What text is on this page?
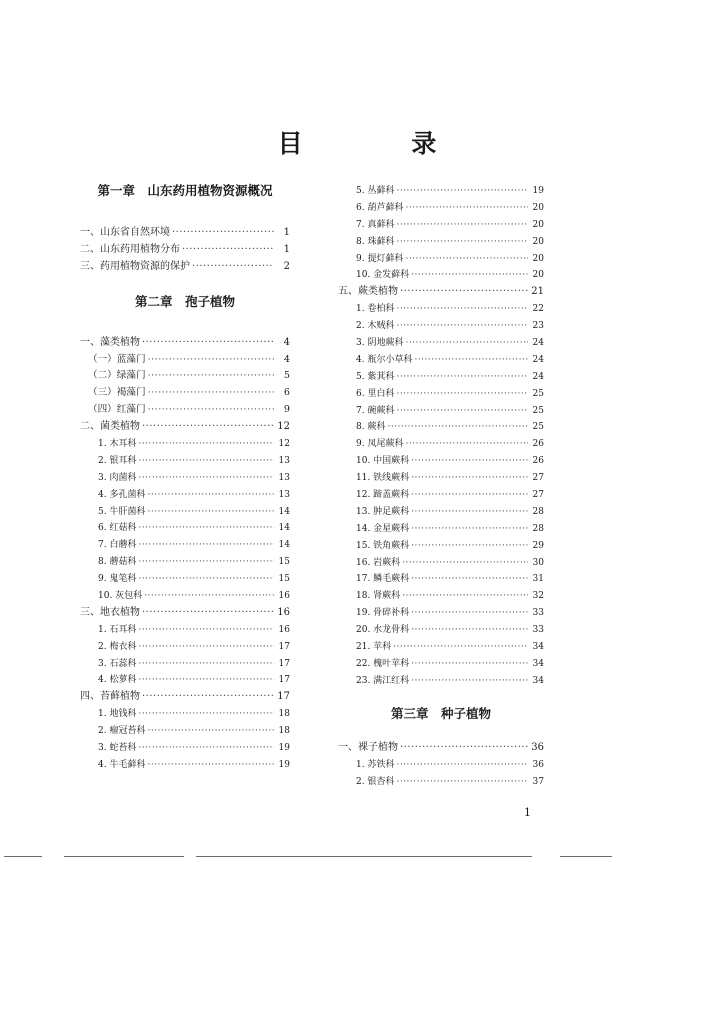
目 录
第一章　山东药用植物资源概况
一、山东省自然环境 ·····	1
二、山东药用植物分布 ·····	1
三、药用植物资源的保护 ·····	2
第二章　孢子植物
一、藻类植物 ·····	4
（一）蓝藻门 ·····	4
（二）绿藻门 ·····	5
（三）褐藻门 ·····	6
（四）红藻门 ·····	9
二、菌类植物 ·····	12
1. 木耳科 ·····	12
2. 银耳科 ·····	13
3. 肉菌科 ·····	13
4. 多孔菌科 ·····	13
5. 牛肝菌科 ·····	14
6. 红菇科 ·····	14
7. 白蘑科 ·····	14
8. 蘑菇科 ·····	15
9. 鬼笔科 ·····	15
10. 灰包科 ·····	16
三、地衣植物 ·····	16
1. 石耳科 ·····	16
2. 梅衣科 ·····	17
3. 石蕊科 ·····	17
4. 松萝科 ·····	17
四、苔藓植物 ·····	17
1. 地钱科 ·····	18
2. 瘤冠苔科 ·····	18
3. 蛇苔科 ·····	19
4. 牛毛藓科 ·····	19
5. 丛藓科 ·····	19
6. 葫芦藓科 ·····	20
7. 真藓科 ·····	20
8. 珠藓科 ·····	20
9. 提灯藓科 ·····	20
10. 金发藓科 ·····	20
五、蕨类植物 ·····	21
1. 卷柏科 ·····	22
2. 木贼科 ·····	23
3. 阴地蕨科 ·····	24
4. 瓶尔小草科 ·····	24
5. 紫萁科 ·····	24
6. 里白科 ·····	25
7. 碗蕨科 ·····	25
8. 蕨科 ·····	25
9. 凤尾蕨科 ·····	26
10. 中国蕨科 ·····	26
11. 铁线蕨科 ·····	27
12. 蹄盖蕨科 ·····	27
13. 肿足蕨科 ·····	28
14. 金星蕨科 ·····	28
15. 铁角蕨科 ·····	29
16. 岩蕨科 ·····	30
17. 鳞毛蕨科 ·····	31
18. 肾蕨科 ·····	32
19. 骨碎补科 ·····	33
20. 水龙骨科 ·····	33
21. 苹科 ·····	34
22. 槐叶苹科 ·····	34
23. 满江红科 ·····	34
第三章　种子植物
一、裸子植物 ·····	36
1. 苏铁科 ·····	36
2. 银杏科 ·····	37
1
